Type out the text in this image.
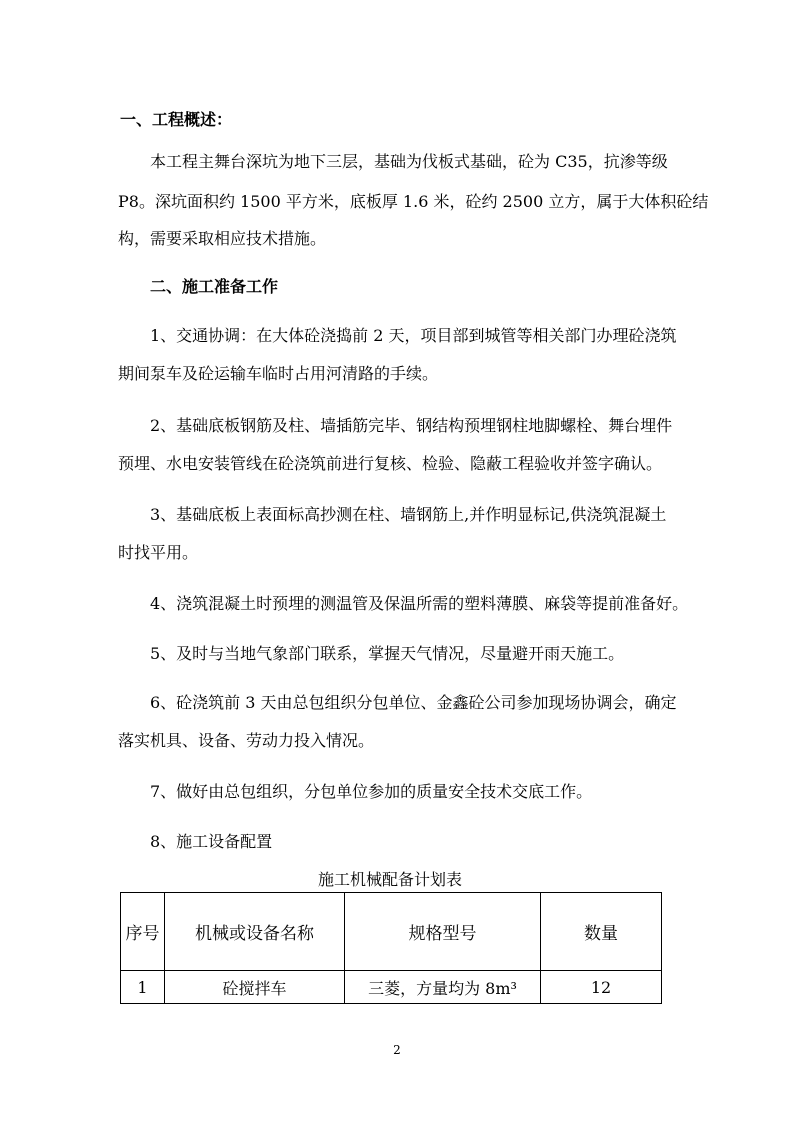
一、工程概述：
本工程主舞台深坑为地下三层，基础为伐板式基础，砼为 C35，抗渗等级
P8。深坑面积约 1500 平方米，底板厚 1.6 米，砼约 2500 立方，属于大体积砼结
构，需要采取相应技术措施。
二、施工准备工作
1、交通协调：在大体砼浇捣前 2 天，项目部到城管等相关部门办理砼浇筑
期间泵车及砼运输车临时占用河清路的手续。
2、基础底板钢筋及柱、墙插筋完毕、钢结构预埋钢柱地脚螺栓、舞台埋件
预埋、水电安装管线在砼浇筑前进行复核、检验、隐蔽工程验收并签字确认。
3、基础底板上表面标高抄测在柱、墙钢筋上,并作明显标记,供浇筑混凝土
时找平用。
4、浇筑混凝土时预埋的测温管及保温所需的塑料薄膜、麻袋等提前准备好。
5、及时与当地气象部门联系，掌握天气情况，尽量避开雨天施工。
6、砼浇筑前 3 天由总包组织分包单位、金鑫砼公司参加现场协调会，确定
落实机具、设备、劳动力投入情况。
7、做好由总包组织，分包单位参加的质量安全技术交底工作。
8、施工设备配置
施工机械配备计划表
序号	机械或设备名称	规格型号	数量
1	砼搅拌车	三菱，方量均为 8m³	12
2
